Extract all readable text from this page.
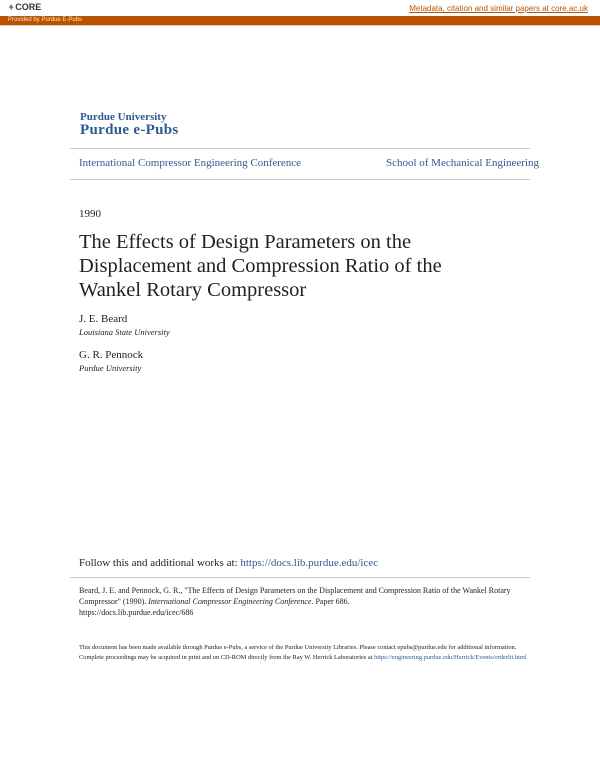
⚘CORE	Metadata, citation and similar papers at core.ac.uk
Provided by Purdue E-Pubs
Purdue University
Purdue e-Pubs
International Compressor Engineering Conference	School of Mechanical Engineering
1990
The Effects of Design Parameters on the Displacement and Compression Ratio of the Wankel Rotary Compressor
J. E. Beard
Louisiana State University
G. R. Pennock
Purdue University
Follow this and additional works at: https://docs.lib.purdue.edu/icec
Beard, J. E. and Pennock, G. R., "The Effects of Design Parameters on the Displacement and Compression Ratio of the Wankel Rotary Compressor" (1990). International Compressor Engineering Conference. Paper 686.
https://docs.lib.purdue.edu/icec/686
This document has been made available through Purdue e-Pubs, a service of the Purdue University Libraries. Please contact epubs@purdue.edu for additional information.
Complete proceedings may be acquired in print and on CD-ROM directly from the Ray W. Herrick Laboratories at https://engineering.purdue.edu/Herrick/Events/orderlit.html
